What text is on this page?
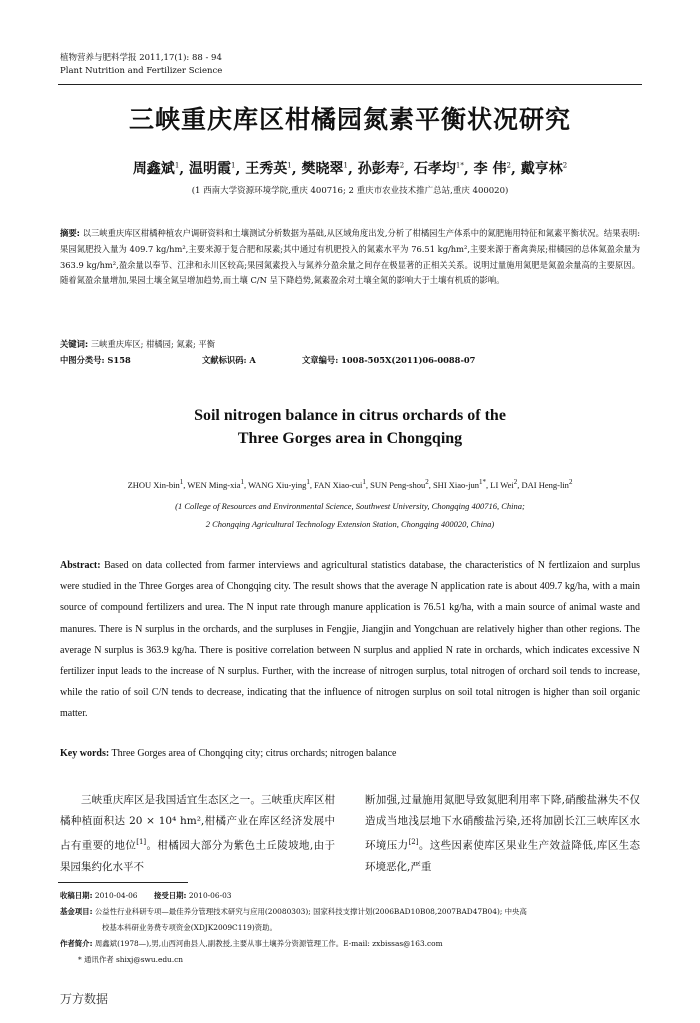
植物营养与肥料学报 2011,17(1): 88 - 94
Plant Nutrition and Fertilizer Science
三峡重庆库区柑橘园氮素平衡状况研究
周鑫斌$^1$, 温明霞$^1$, 王秀英$^1$, 樊晓翠$^1$, 孙彭寿$^2$, 石孝均$^{1*}$, 李 伟$^2$, 戴亨林$^2$
(1 西南大学资源环境学院,重庆 400716; 2 重庆市农业技术推广总站,重庆 400020)
摘要: 以三峡重庆库区柑橘种植农户调研资料和土壤测试分析数据为基础,从区域角度出发,分析了柑橘园生产体系中的氮肥施用特征和氮素平衡状况。结果表明:果园氮肥投入量为 409.7 kg/hm²,主要来源于复合肥和尿素;其中通过有机肥投入的氮素水平为 76.51 kg/hm²,主要来源于畜禽粪尿;柑橘园的总体氮盈余量为 363.9 kg/hm²,盈余量以奉节、江津和永川区较高;果园氮素投入与氮养分盈余量之间存在极显著的正相关关系。说明过量施用氮肥是氮盈余量高的主要原因。随着氮盈余量增加,果园土壤全氮呈增加趋势,而土壤 C/N 呈下降趋势,氮素盈余对土壤全氮的影响大于土壤有机质的影响。
关键词: 三峡重庆库区; 柑橘园; 氮素; 平衡
中图分类号: S158	文献标识码: A	文章编号: 1008-505X(2011)06-0088-07
Soil nitrogen balance in citrus orchards of the
Three Gorges area in Chongqing
ZHOU Xin-bin$^1$, WEN Ming-xia$^1$, WANG Xiu-ying$^1$, FAN Xiao-cui$^1$, SUN Peng-shou$^2$, SHI Xiao-jun$^{1*}$, LI Wei$^2$, DAI Heng-lin$^2$
(1 College of Resources and Environmental Science, Southwest University, Chongqing 400716, China;
2 Chongqing Agricultural Technology Extension Station, Chongqing 400020, China)
Abstract: Based on data collected from farmer interviews and agricultural statistics database, the characteristics of N fertlizaion and surplus were studied in the Three Gorges area of Chongqing city. The result shows that the average N application rate is about 409.7 kg/ha, with a main source of compound fertilizers and urea. The N input rate through manure application is 76.51 kg/ha, with a main source of animal waste and manures. There is N surplus in the orchards, and the surpluses in Fengjie, Jiangjin and Yongchuan are relatively higher than other regions. The average N surplus is 363.9 kg/ha. There is positive correlation between N surplus and applied N rate in orchards, which indicates excessive N fertilizer input leads to the increase of N surplus. Further, with the increase of nitrogen surplus, total nitrogen of orchard soil tends to increase, while the ratio of soil C/N tends to decrease, indicating that the influence of nitrogen surplus on soil total nitrogen is higher than soil organic matter.
Key words: Three Gorges area of Chongqing city; citrus orchards; nitrogen balance
三峡重庆库区是我国适宜生态区之一。三峡重庆库区柑橘种植面积达 20 × 10⁴ hm²,柑橘产业在库区经济发展中占有重要的地位[1]。柑橘园大部分为紫色土丘陵坡地,由于果园集约化水平不
断加强,过量施用氮肥导致氮肥利用率下降,硝酸盐淋失不仅造成当地浅层地下水硝酸盐污染,还将加剧长江三峡库区水环境压力[2]。这些因素使库区果业生产效益降低,库区生态环境恶化,严重
收稿日期: 2010-04-06 接受日期: 2010-06-03
基金项目: 公益性行业科研专项—最佳养分管理技术研究与应用(20080303); 国家科技支撑计划(2006BAD10B08,2007BAD47B04); 中央高
校基本科研业务费专项资金(XDJK2009C119)资助。
作者简介: 周鑫斌(1978—),男,山西河曲县人,副教授,主要从事土壤养分资源管理工作。E-mail: zxbissas@163.com
* 通讯作者 shixj@swu.edu.cn
万方数据
